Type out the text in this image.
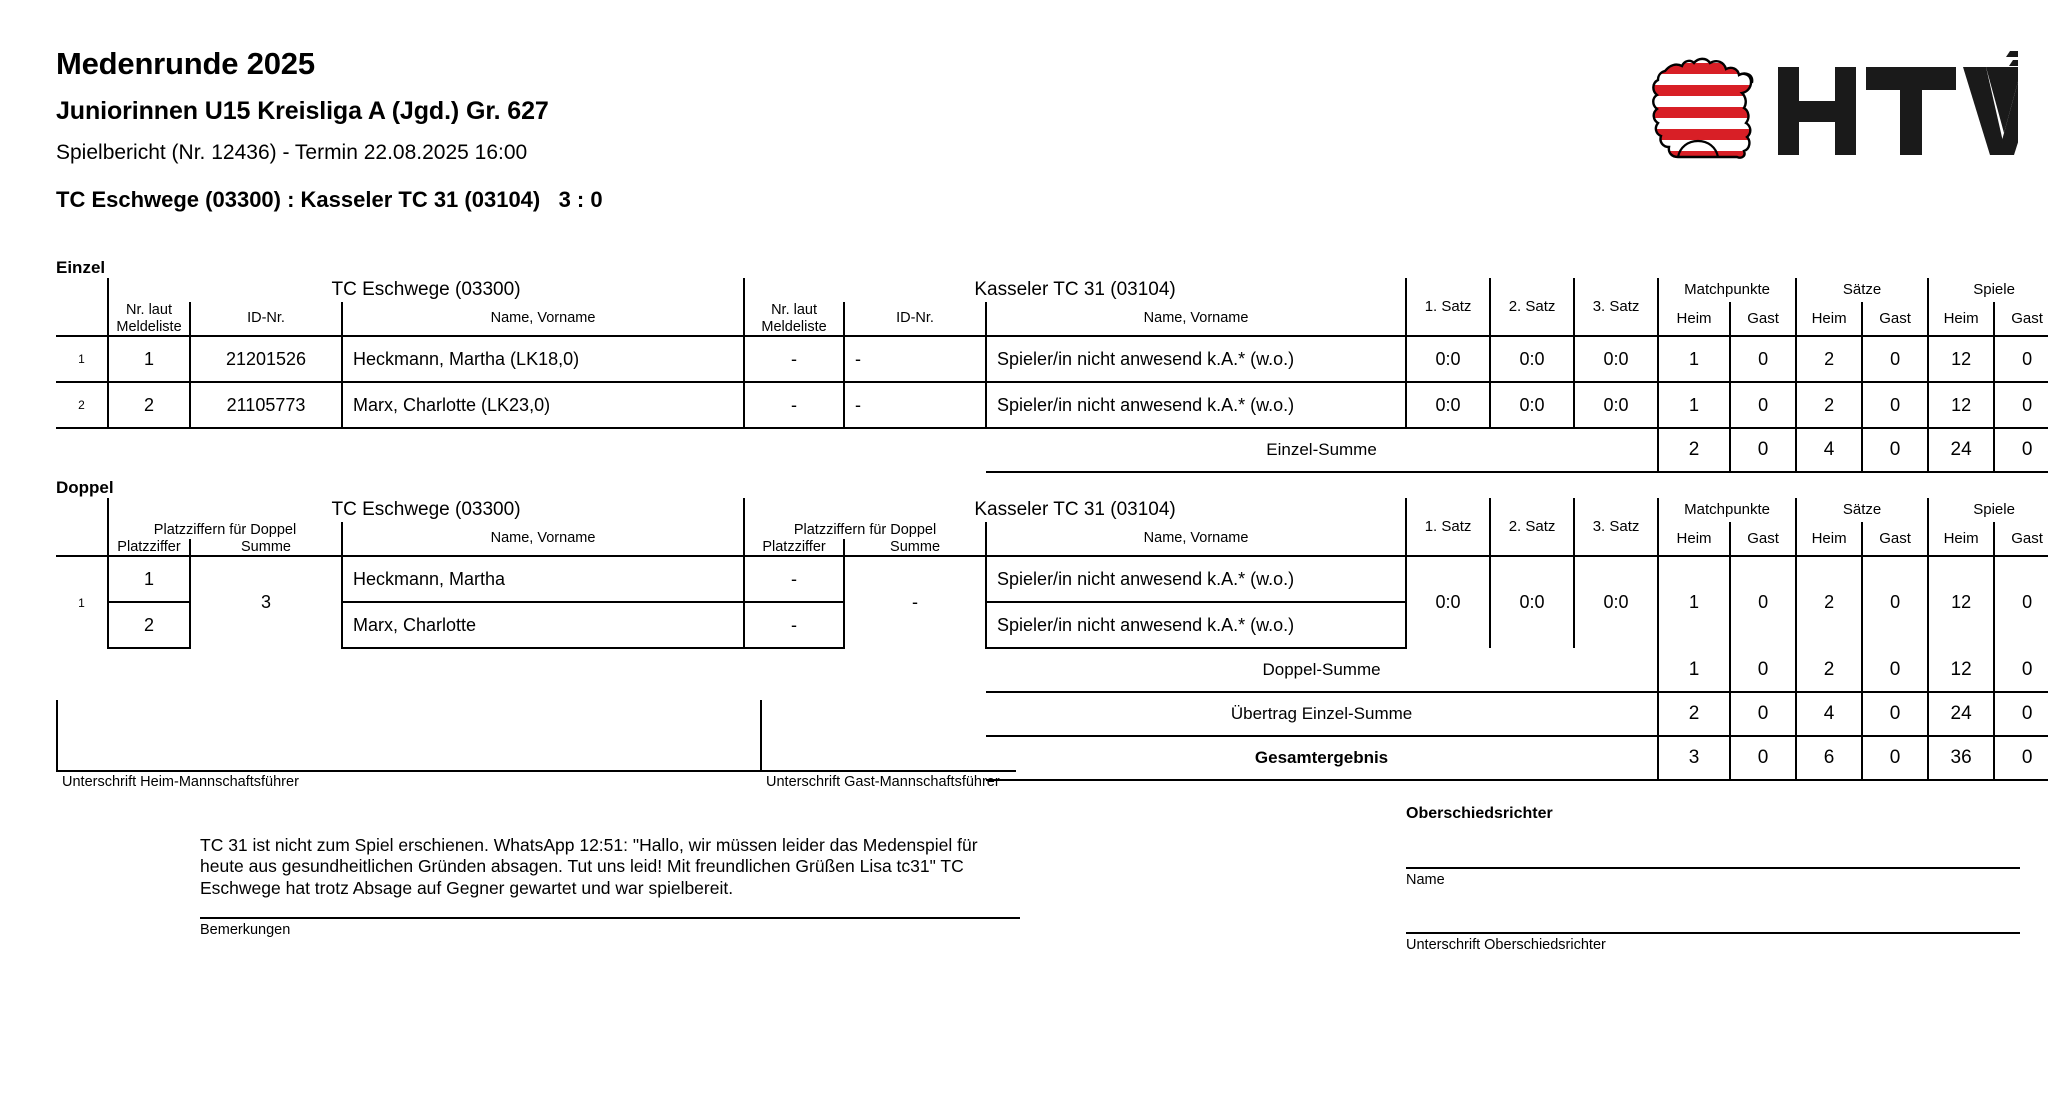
Medenrunde 2025
Juniorinnen U15 Kreisliga A (Jgd.) Gr. 627
Spielbericht (Nr. 12436) - Termin 22.08.2025 16:00
TC Eschwege (03300) : Kasseler TC 31 (03104)   3 : 0
Einzel
	TC Eschwege (03300)			Kasseler TC 31 (03104)			1. Satz	2. Satz	3. Satz	Matchpunkte		Sätze		Spiele	
	Nr. laut
Meldeliste	ID-Nr.	Name, Vorname	Nr. laut
Meldeliste	ID-Nr.	Name, Vorname				Heim	Gast	Heim	Gast	Heim	Gast
1	1	21201526	Heckmann, Martha (LK18,0)	-	-	Spieler/in nicht anwesend k.A.* (w.o.)	0:0	0:0	0:0	1	0	2	0	12	0
2	2	21105773	Marx, Charlotte (LK23,0)	-	-	Spieler/in nicht anwesend k.A.* (w.o.)	0:0	0:0	0:0	1	0	2	0	12	0
						Einzel-Summe				2	0	4	0	24	0
Doppel
	TC Eschwege (03300)			Kasseler TC 31 (03104)			1. Satz	2. Satz	3. Satz	Matchpunkte		Sätze		Spiele	
	Platzziffern für Doppel		Name, Vorname	Platzziffern für Doppel		Name, Vorname				Heim	Gast	Heim	Gast	Heim	Gast
	Platzziffer	Summe		Platzziffer	Summe										
1	1	3	Heckmann, Martha	-	-	Spieler/in nicht anwesend k.A.* (w.o.)	0:0	0:0	0:0	1	0	2	0	12	0
	2		Marx, Charlotte	-		Spieler/in nicht anwesend k.A.* (w.o.)									
						Doppel-Summe				1	0	2	0	12	0
						Übertrag Einzel-Summe				2	0	4	0	24	0
						Gesamtergebnis				3	0	6	0	36	0
Unterschrift Heim-Mannschaftsführer	Unterschrift Gast-Mannschaftsführer

TC 31 ist nicht zum Spiel erschienen. WhatsApp 12:51: "Hallo, wir müssen leider das Medenspiel für heute aus gesundheitlichen Gründen absagen. Tut uns leid! Mit freundlichen Grüßen Lisa tc31" TC Eschwege hat trotz Absage auf Gegner gewartet und war spielbereit.

Bemerkungen
Oberschiedsrichter
Name
Unterschrift Oberschiedsrichter
